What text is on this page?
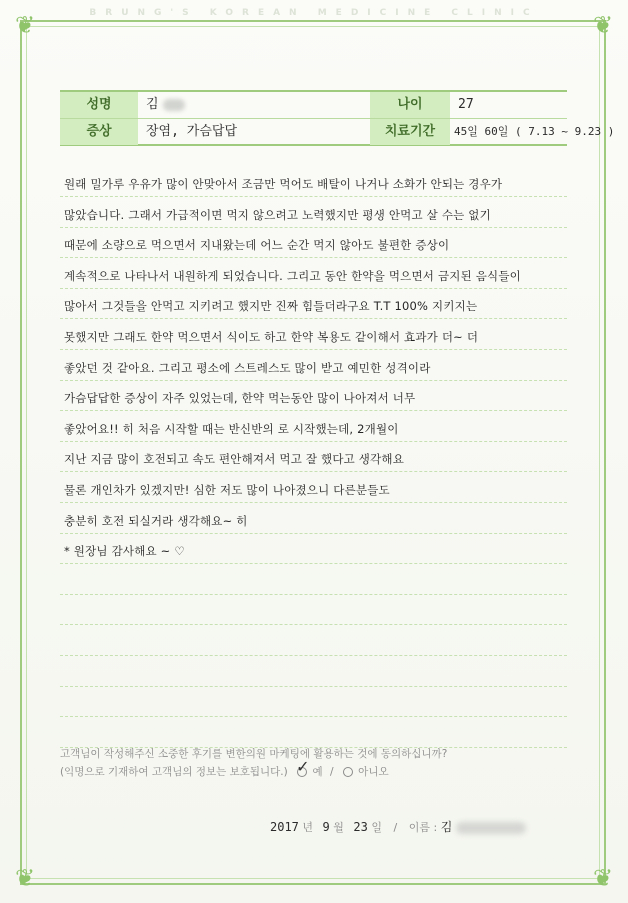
BRUNG'S KOREAN MEDICINE CLINIC
❦	❦
❦	❦
성명	김	나이	27
증상	장염, 가슴답답	치료기간	45일 60일 ( 7.13 ~ 9.23 )
원래 밀가루 우유가 많이 안맞아서 조금만 먹어도 배탈이 나거나 소화가 안되는 경우가
많았습니다. 그래서 가급적이면 먹지 않으려고 노력했지만 평생 안먹고 살 수는 없기
때문에 소량으로 먹으면서 지내왔는데 어느 순간 먹지 않아도 불편한 증상이
계속적으로 나타나서 내원하게 되었습니다. 그리고 동안 한약을 먹으면서 금지된 음식들이
많아서 그것들을 안먹고 지키려고 했지만 진짜 힘들더라구요 T.T 100% 지키지는
못했지만 그래도 한약 먹으면서 식이도 하고 한약 복용도 같이해서 효과가 더~ 더
좋았던 것 같아요. 그리고 평소에 스트레스도 많이 받고 예민한 성격이라
가슴답답한 증상이 자주 있었는데, 한약 먹는동안 많이 나아져서 너무
좋았어요!! 히 처음 시작할 때는 반신반의 로 시작했는데, 2개월이
지난 지금 많이 호전되고 속도 편안해져서 먹고 잘 했다고 생각해요
물론 개인차가 있겠지만! 심한 저도 많이 나아졌으니 다른분들도
충분히 호전 되실거라 생각해요~ 히
* 원장님 감사해요 ~ ♡
고객님이 작성해주신 소중한 후기를 변한의원 마케팅에 활용하는 것에 동의하십니까?
(익명으로 기재하여 고객님의 정보는 보호됩니다.) ✓ 예 / 아니오
2017 년 9 월 23 일 / 이름 : 김
